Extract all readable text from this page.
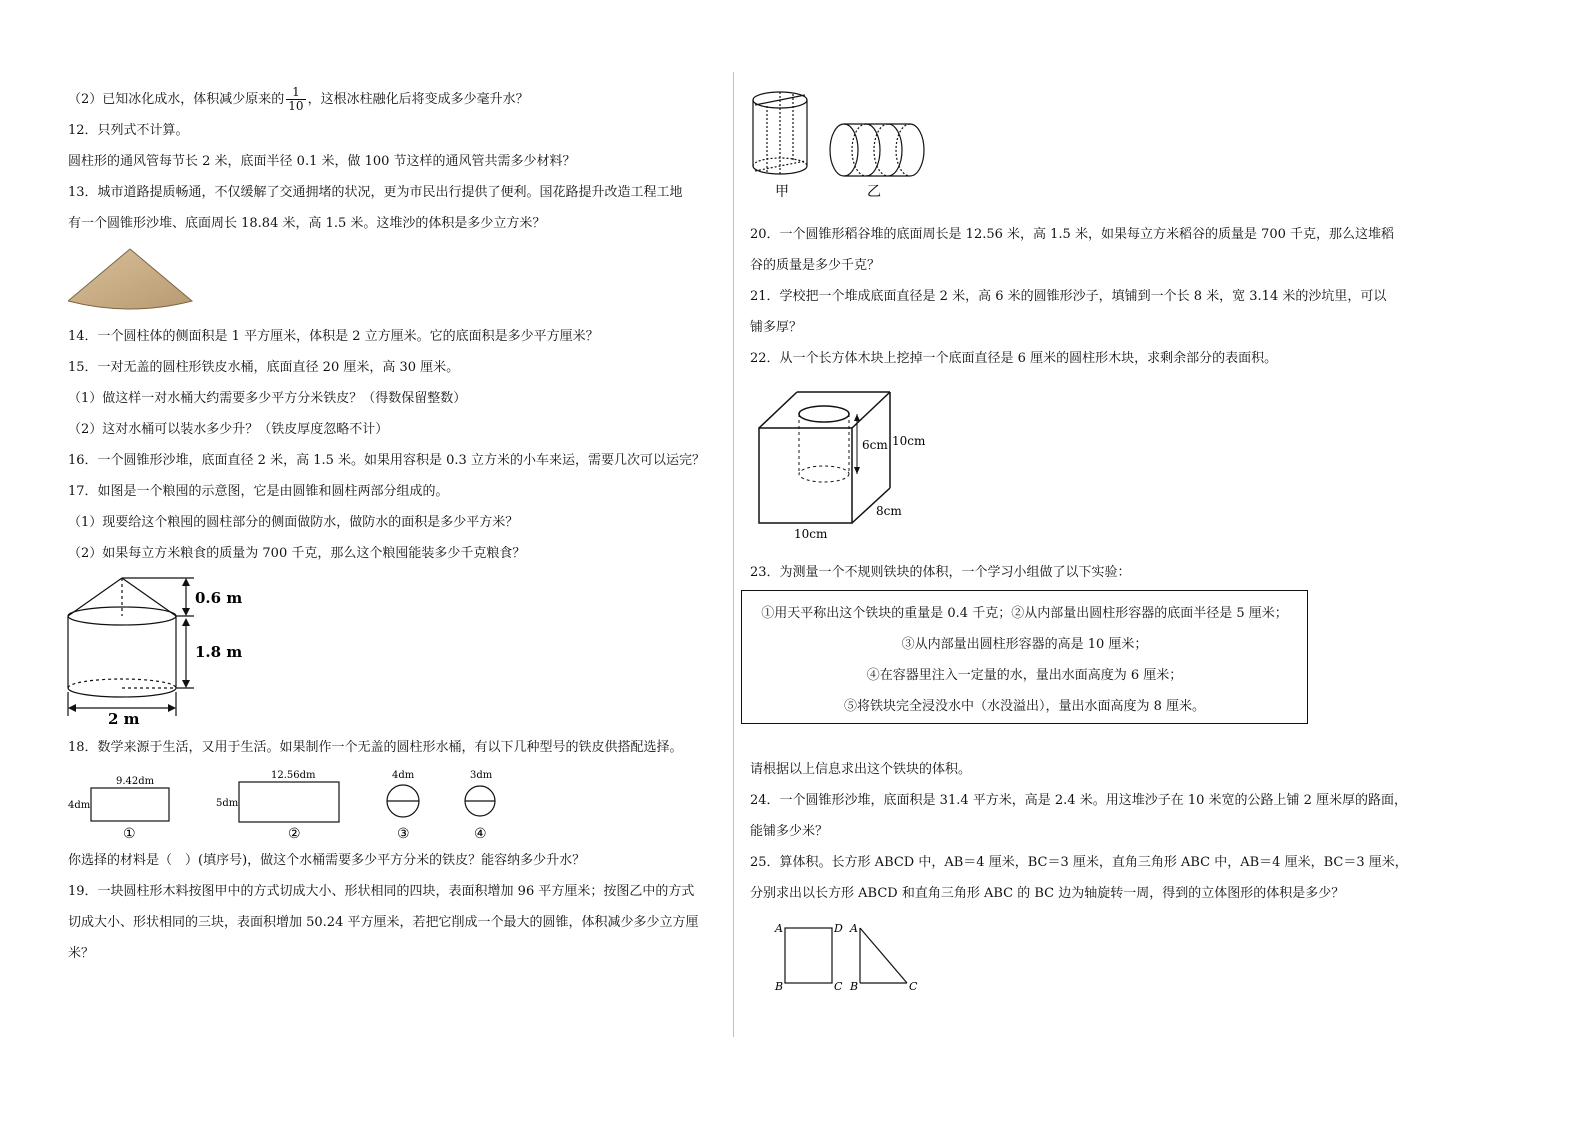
（2）已知冰化成水，体积减少原来的 $\frac{1}{10}$ ，这根冰柱融化后将变成多少毫升水？
12．只列式不计算。
圆柱形的通风管每节长 2 米，底面半径 0.1 米，做 100 节这样的通风管共需多少材料？
13．城市道路提质畅通，不仅缓解了交通拥堵的状况，更为市民出行提供了便利。国花路提升改造工程工地
有一个圆锥形沙堆、底面周长 18.84 米，高 1.5 米。这堆沙的体积是多少立方米？
14．一个圆柱体的侧面积是 1 平方厘米，体积是 2 立方厘米。它的底面积是多少平方厘米？
15．一对无盖的圆柱形铁皮水桶，底面直径 20 厘米，高 30 厘米。
（1）做这样一对水桶大约需要多少平方分米铁皮？（得数保留整数）
（2）这对水桶可以装水多少升？（铁皮厚度忽略不计）
16．一个圆锥形沙堆，底面直径 2 米，高 1.5 米。如果用容积是 0.3 立方米的小车来运，需要几次可以运完？
17．如图是一个粮囤的示意图，它是由圆锥和圆柱两部分组成的。
（1）现要给这个粮囤的圆柱部分的侧面做防水，做防水的面积是多少平方米？
（2）如果每立方米粮食的质量为 700 千克，那么这个粮囤能装多少千克粮食？
0.6 m
1.8 m
2 m
18．数学来源于生活，又用于生活。如果制作一个无盖的圆柱形水桶，有以下几种型号的铁皮供搭配选择。
9.42dm
4dm
①
12.56dm
5dm
②
4dm
③
3dm
④
你选择的材料是（　）(填序号)，做这个水桶需要多少平方分米的铁皮？能容纳多少升水？
19．一块圆柱形木料按图甲中的方式切成大小、形状相同的四块，表面积增加 96 平方厘米；按图乙中的方式
切成大小、形状相同的三块，表面积增加 50.24 平方厘米，若把它削成一个最大的圆锥，体积减少多少立方厘
米？
甲	乙
20．一个圆锥形稻谷堆的底面周长是 12.56 米，高 1.5 米，如果每立方米稻谷的质量是 700 千克，那么这堆稻
谷的质量是多少千克？
21．学校把一个堆成底面直径是 2 米，高 6 米的圆锥形沙子，填铺到一个长 8 米，宽 3.14 米的沙坑里，可以
铺多厚？
22．从一个长方体木块上挖掉一个底面直径是 6 厘米的圆柱形木块，求剩余部分的表面积。
6cm 10cm
8cm
10cm
23．为测量一个不规则铁块的体积，一个学习小组做了以下实验：
请根据以上信息求出这个铁块的体积。
24．一个圆锥形沙堆，底面积是 31.4 平方米，高是 2.4 米。用这堆沙子在 10 米宽的公路上铺 2 厘米厚的路面，
能铺多少米？
25．算体积。长方形 ABCD 中，AB＝4 厘米，BC＝3 厘米，直角三角形 ABC 中，AB＝4 厘米，BC＝3 厘米，
分别求出以长方形 ABCD 和直角三角形 ABC 的 BC 边为轴旋转一周，得到的立体图形的体积是多少？
A	D
B	C
A
B	C
①用天平称出这个铁块的重量是 0.4 千克；②从内部量出圆柱形容器的底面半径是 5 厘米；
③从内部量出圆柱形容器的高是 10 厘米；
④在容器里注入一定量的水，量出水面高度为 6 厘米；
⑤将铁块完全浸没水中（水没溢出），量出水面高度为 8 厘米。
